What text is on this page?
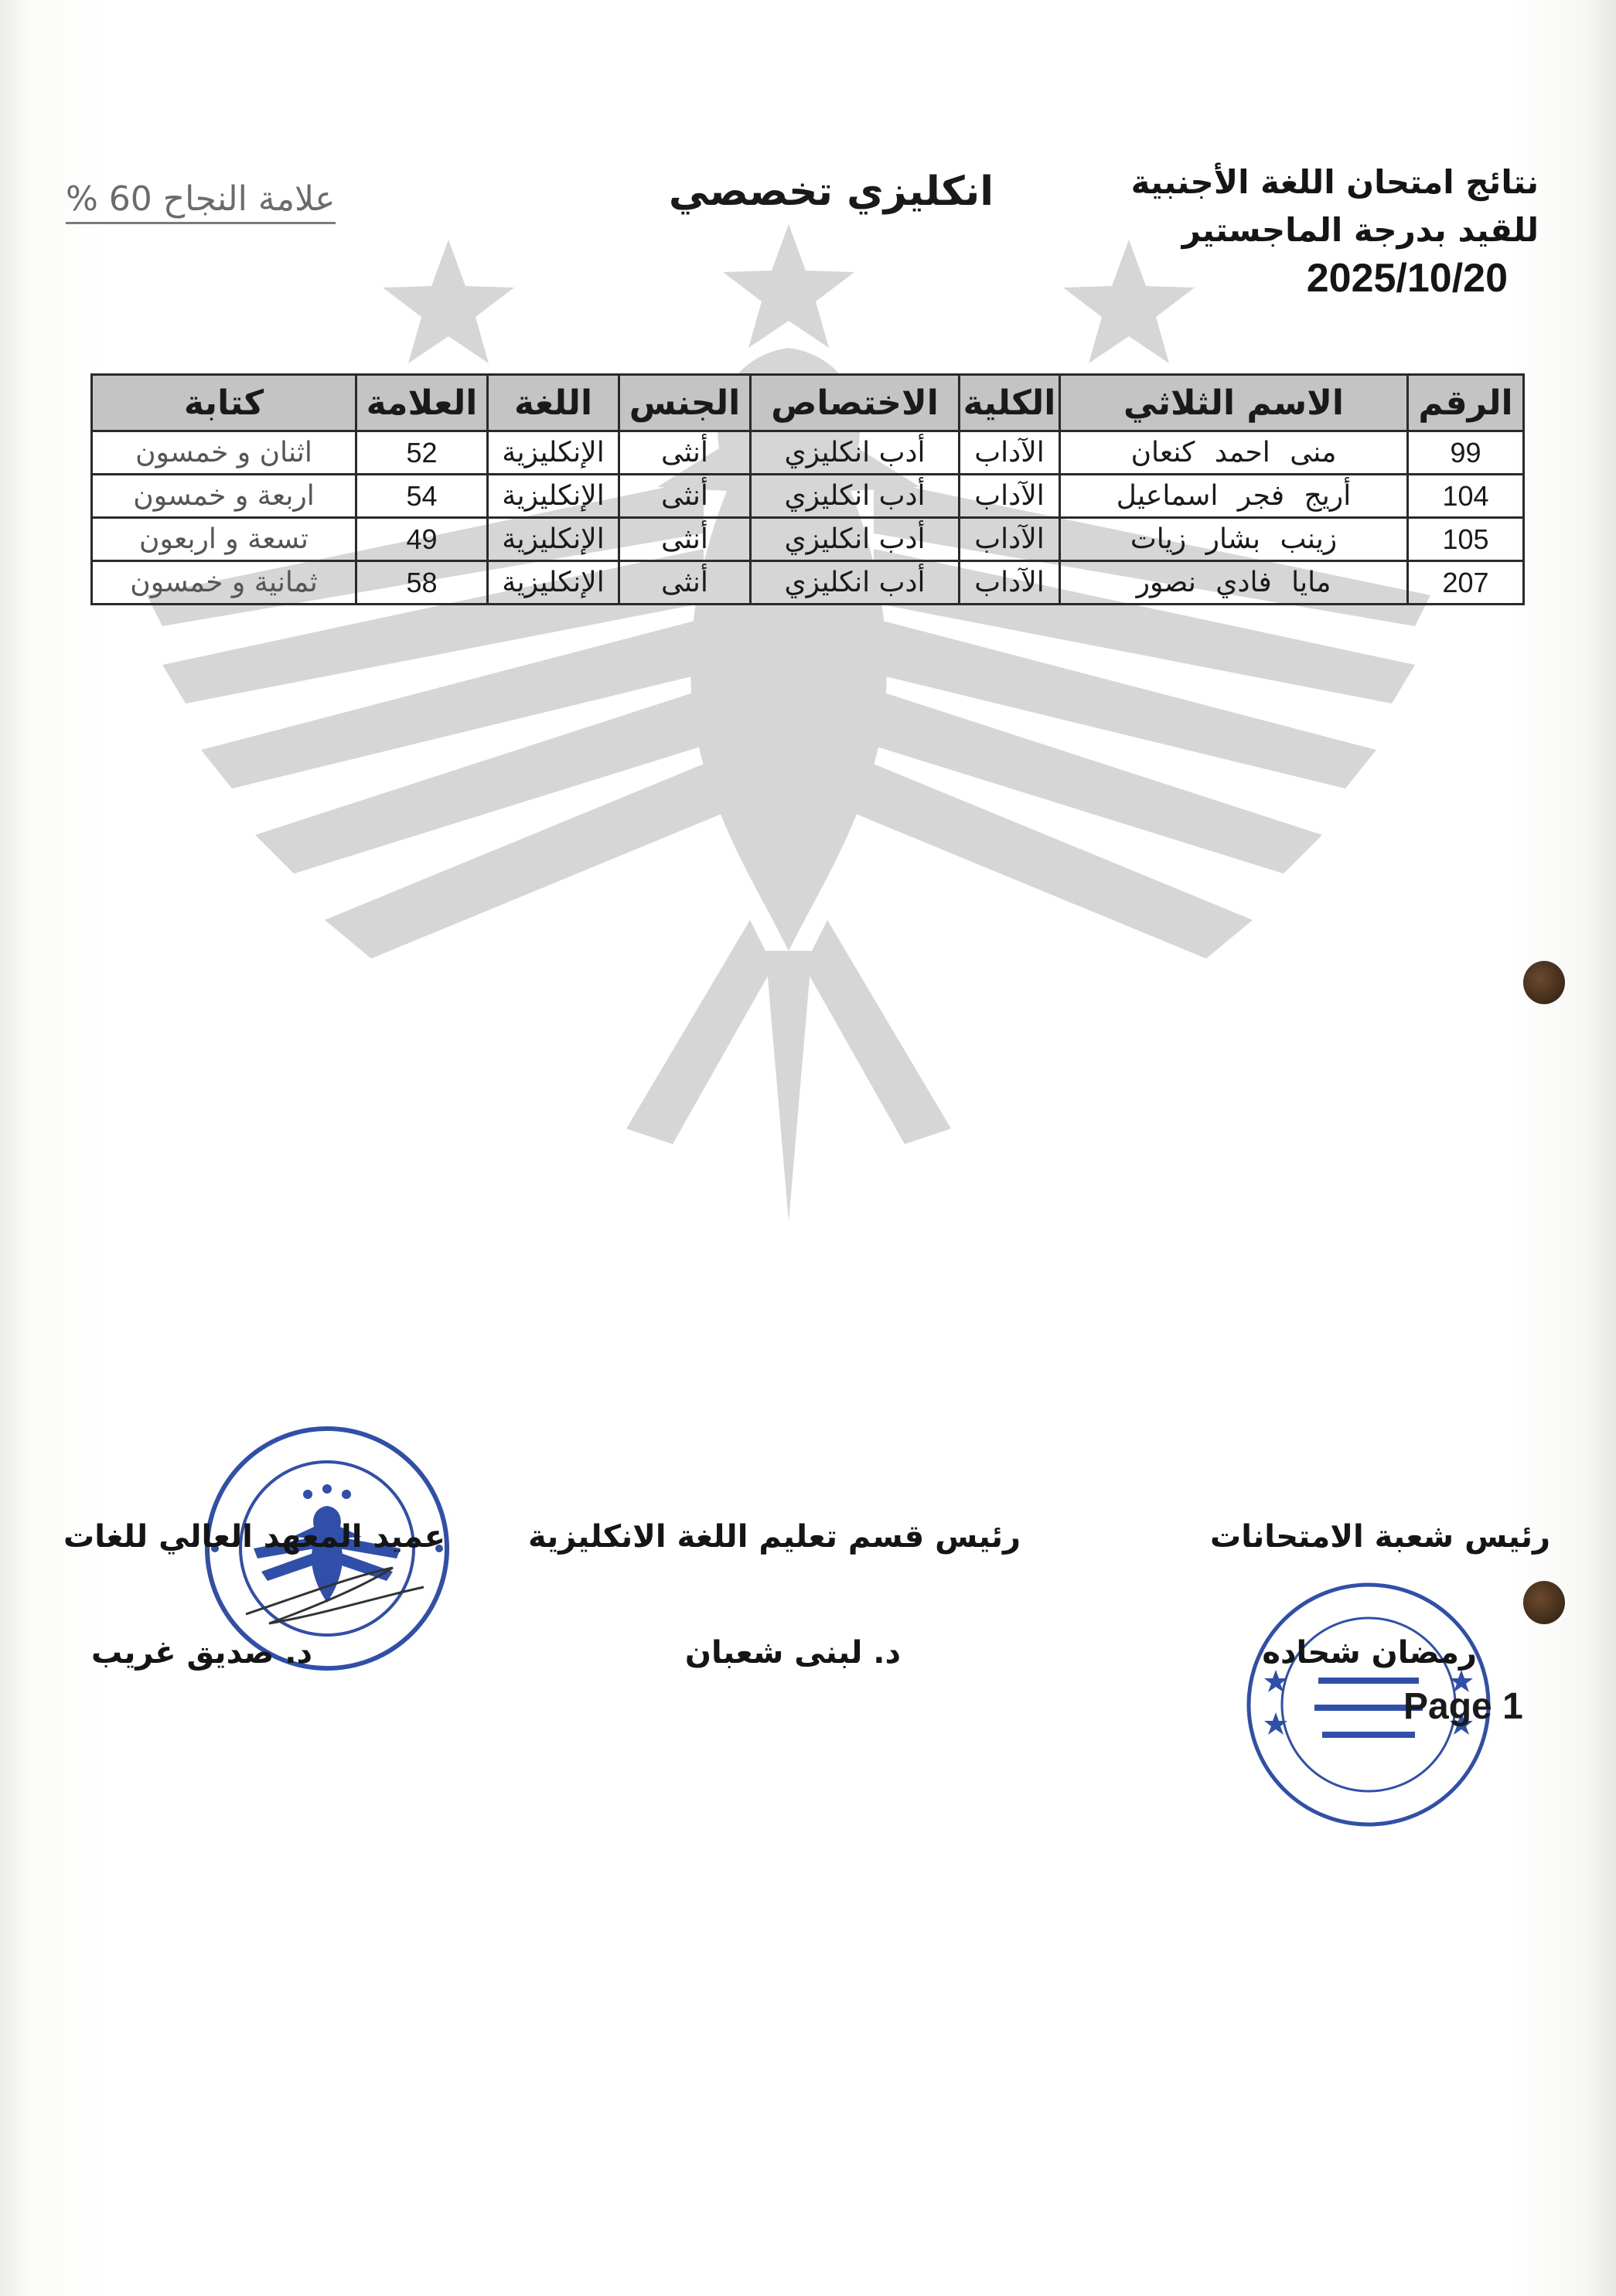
نتائج امتحان اللغة الأجنبية
للقيد بدرجة الماجستير
2025/10/20
انكليزي تخصصي
علامة النجاح 60 %
الرقم	الاسم الثلاثي	الكلية	الاختصاص	الجنس	اللغة	العلامة	كتابة
99	منى احمد كنعان	الآداب	أدب انكليزي	أنثى	الإنكليزية	52	اثنان و خمسون
104	أريج فجر اسماعيل	الآداب	أدب انكليزي	أنثى	الإنكليزية	54	اربعة و خمسون
105	زينب بشار زيات	الآداب	أدب انكليزي	أنثى	الإنكليزية	49	تسعة و اربعون
207	مايا فادي نصور	الآداب	أدب انكليزي	أنثى	الإنكليزية	58	ثمانية و خمسون
رئيس شعبة الامتحانات
رمضان شحاده
رئيس قسم تعليم اللغة الانكليزية
د. لبنى شعبان
عميد المعهد العالي للغات
د. صديق غريب
Page 1
